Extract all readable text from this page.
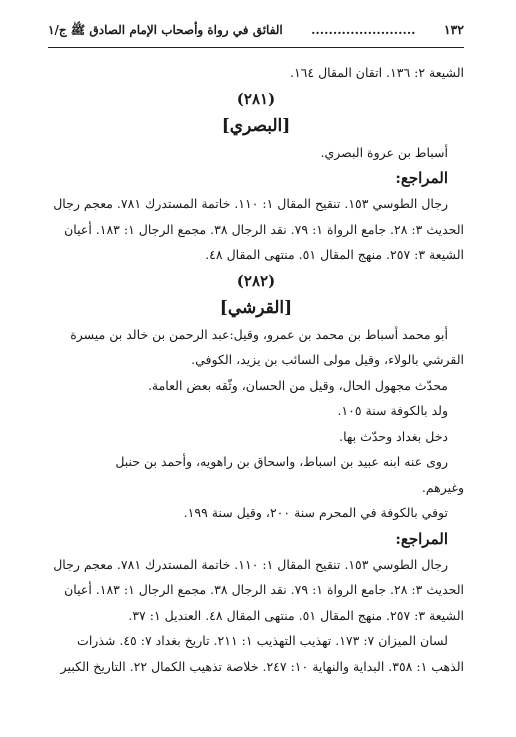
١٣٢
........................
الفائق في رواة وأصحاب الإمام الصادق ﷺ ج/١

الشيعة ٢: ١٣٦. اتقان المقال ١٦٤.

(٢٨١)

[البصري]

أسباط بن عروة البصري.

المراجع:

رجال الطوسي ١٥٣. تنقيح المقال ١: ١١٠. خاتمة المستدرك ٧٨١. معجم رجال

الحديث ٣: ٢٨. جامع الرواة ١: ٧٩. نقد الرجال ٣٨. مجمع الرجال ١: ١٨٣. أعيان

الشيعة ٣: ٢٥٧. منهج المقال ٥١. منتهى المقال ٤٨.

(٢٨٢)

[القرشي]

أبو محمد أسباط بن محمد بن عمرو، وقيل:عبد الرحمن بن خالد بن ميسرة

القرشي بالولاء، وقيل مولى السائب بن يزيد، الكوفي.

محدّث مجهول الحال، وقيل من الحسان، وثّقه بعض العامة.

ولد بالكوفة سنة ١٠٥.

دخل بغداد وحدّث بها.

روى عنه ابنه عبيد بن اسباط، واسحاق بن راهويه، وأحمد بن حنبل

وغيرهم.

توفي بالكوفة في المحرم سنة ٢٠٠، وقيل سنة ١٩٩.

المراجع:

رجال الطوسي ١٥٣. تنقيح المقال ١: ١١٠. خاتمة المستدرك ٧٨١. معجم رجال

الحديث ٣: ٢٨. جامع الرواة ١: ٧٩. نقد الرجال ٣٨. مجمع الرجال ١: ١٨٣. أعيان

الشيعة ٣: ٢٥٧. منهج المقال ٥١. منتهى المقال ٤٨. العنديل ١: ٣٧.

لسان الميزان ٧: ١٧٣. تهذيب التهذيب ١: ٢١١. تاريخ بغداد ٧: ٤٥. شذرات

الذهب ١: ٣٥٨. البداية والنهاية ١٠: ٢٤٧. خلاصة تذهيب الكمال ٢٢. التاريخ الكبير
